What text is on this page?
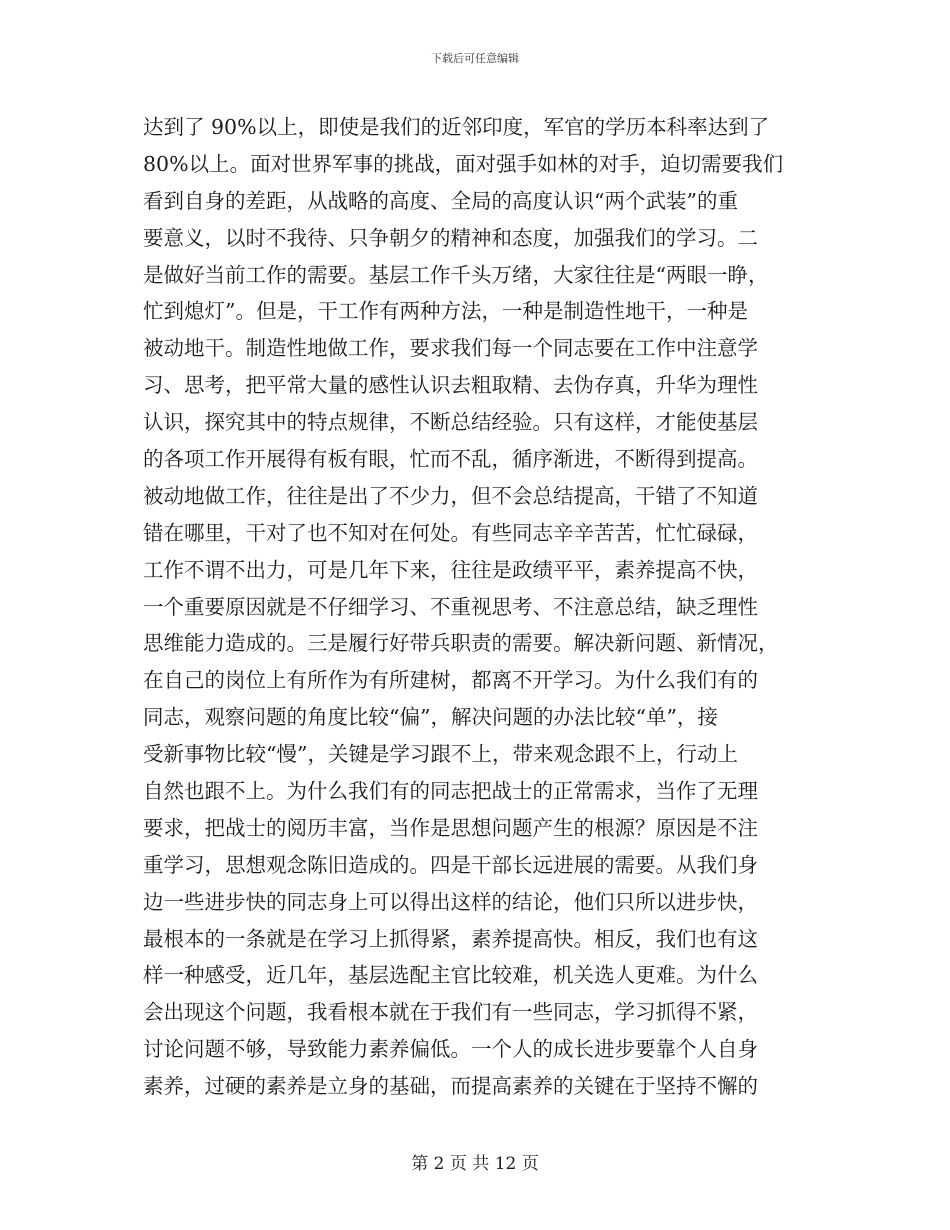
下载后可任意编辑
达到了 90%以上，即使是我们的近邻印度，军官的学历本科率达到了
80%以上。面对世界军事的挑战，面对强手如林的对手，迫切需要我们
看到自身的差距，从战略的高度、全局的高度认识“两个武装”的重
要意义，以时不我待、只争朝夕的精神和态度，加强我们的学习。二
是做好当前工作的需要。基层工作千头万绪，大家往往是“两眼一睁，
忙到熄灯”。但是，干工作有两种方法，一种是制造性地干，一种是
被动地干。制造性地做工作，要求我们每一个同志要在工作中注意学
习、思考，把平常大量的感性认识去粗取精、去伪存真，升华为理性
认识，探究其中的特点规律，不断总结经验。只有这样，才能使基层
的各项工作开展得有板有眼，忙而不乱，循序渐进，不断得到提高。
被动地做工作，往往是出了不少力，但不会总结提高，干错了不知道
错在哪里，干对了也不知对在何处。有些同志辛辛苦苦，忙忙碌碌，
工作不谓不出力，可是几年下来，往往是政绩平平，素养提高不快，
一个重要原因就是不仔细学习、不重视思考、不注意总结，缺乏理性
思维能力造成的。三是履行好带兵职责的需要。解决新问题、新情况，
在自己的岗位上有所作为有所建树，都离不开学习。为什么我们有的
同志，观察问题的角度比较“偏”，解决问题的办法比较“单”，接
受新事物比较“慢”，关键是学习跟不上，带来观念跟不上，行动上
自然也跟不上。为什么我们有的同志把战士的正常需求，当作了无理
要求，把战士的阅历丰富，当作是思想问题产生的根源？原因是不注
重学习，思想观念陈旧造成的。四是干部长远进展的需要。从我们身
边一些进步快的同志身上可以得出这样的结论，他们只所以进步快，
最根本的一条就是在学习上抓得紧，素养提高快。相反，我们也有这
样一种感受，近几年，基层选配主官比较难，机关选人更难。为什么
会出现这个问题，我看根本就在于我们有一些同志，学习抓得不紧，
讨论问题不够，导致能力素养偏低。一个人的成长进步要靠个人自身
素养，过硬的素养是立身的基础，而提高素养的关键在于坚持不懈的
第 2 页 共 12 页
